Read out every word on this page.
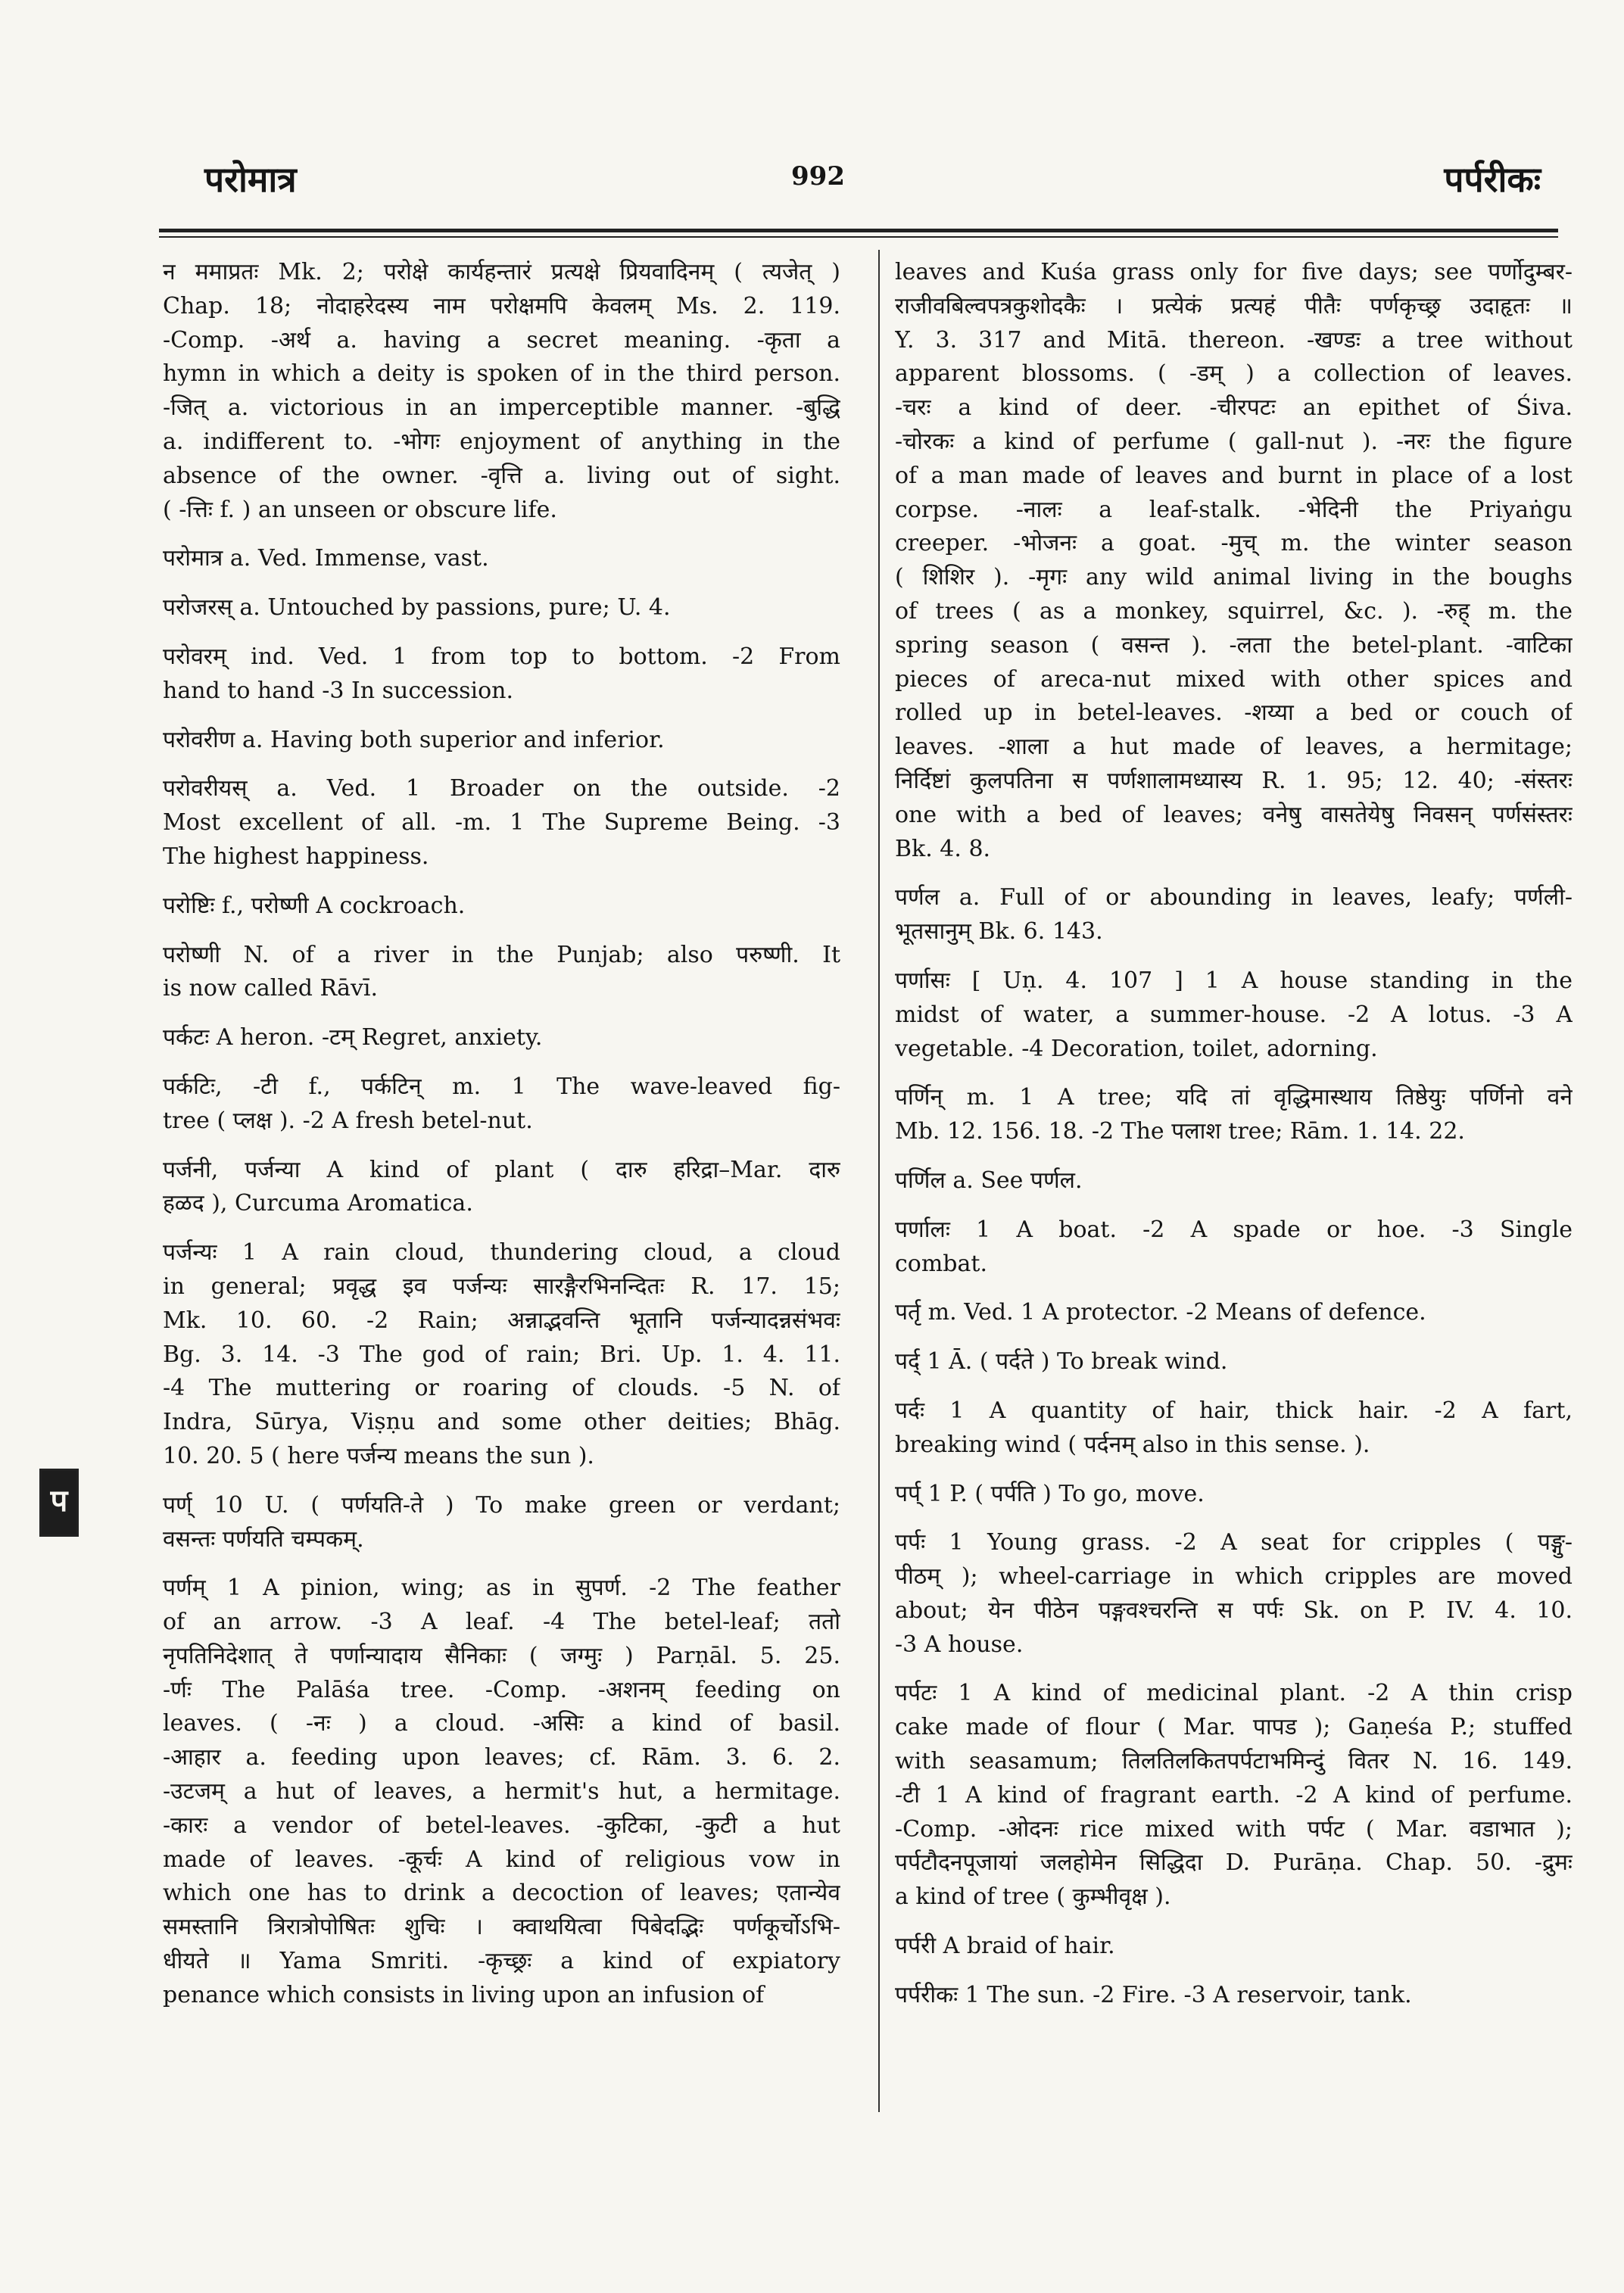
परोमात्र	992	पर्परीकः
प
न ममाप्रतः Mk. 2; परोक्षे कार्यहन्तारं प्रत्यक्षे प्रियवादिनम् ( त्यजेत् )
Chap. 18; नोदाहरेदस्य नाम परोक्षमपि केवलम् Ms. 2. 119.
-Comp. -अर्थ a. having a secret meaning. -कृता a
hymn in which a deity is spoken of in the third person.
-जित् a. victorious in an imperceptible manner. -बुद्धि
a. indifferent to. -भोगः enjoyment of anything in the
absence of the owner. -वृत्ति a. living out of sight.
( -त्तिः f. ) an unseen or obscure life.
परोमात्र a. Ved. Immense, vast.
परोजरस् a. Untouched by passions, pure; U. 4.
परोवरम् ind. Ved. 1 from top to bottom. -2 From
hand to hand -3 In succession.
परोवरीण a. Having both superior and inferior.
परोवरीयस् a. Ved. 1 Broader on the outside. -2
Most excellent of all. -m. 1 The Supreme Being. -3
The highest happiness.
परोष्टिः f., परोष्णी A cockroach.
परोष्णी N. of a river in the Punjab; also परुष्णी. It
is now called Rāvī.
पर्कटः A heron. -टम् Regret, anxiety.
पर्कटिः, -टी f., पर्कटिन् m. 1 The wave-leaved fig-
tree ( प्लक्ष ). -2 A fresh betel-nut.
पर्जनी, पर्जन्या A kind of plant ( दारु हरिद्रा–Mar. दारु
हळद ), Curcuma Aromatica.
पर्जन्यः 1 A rain cloud, thundering cloud, a cloud
in general; प्रवृद्ध इव पर्जन्यः सारङ्गैरभिनन्दितः R. 17. 15;
Mk. 10. 60. -2 Rain; अन्नाद्भवन्ति भूतानि पर्जन्यादन्नसंभवः
Bg. 3. 14. -3 The god of rain; Bri. Up. 1. 4. 11.
-4 The muttering or roaring of clouds. -5 N. of
Indra, Sūrya, Viṣṇu and some other deities; Bhāg.
10. 20. 5 ( here पर्जन्य means the sun ).
पर्ण् 10 U. ( पर्णयति-ते ) To make green or verdant;
वसन्तः पर्णयति चम्पकम्.
पर्णम् 1 A pinion, wing; as in सुपर्ण. -2 The feather
of an arrow. -3 A leaf. -4 The betel-leaf; ततो
नृपतिनिदेशात् ते पर्णान्यादाय सैनिकाः ( जग्मुः ) Parṇāl. 5. 25.
-र्णः The Palāśa tree. -Comp. -अशनम् feeding on
leaves. ( -नः ) a cloud. -असिः a kind of basil.
-आहार a. feeding upon leaves; cf. Rām. 3. 6. 2.
-उटजम् a hut of leaves, a hermit's hut, a hermitage.
-कारः a vendor of betel-leaves. -कुटिका, -कुटी a hut
made of leaves. -कूर्चः A kind of religious vow in
which one has to drink a decoction of leaves; एतान्येव
समस्तानि त्रिरात्रोपोषितः शुचिः । क्वाथयित्वा पिबेदद्भिः पर्णकूर्चोऽभि-
धीयते ॥ Yama Smriti. -कृच्छ्रः a kind of expiatory
penance which consists in living upon an infusion of
leaves and Kuśa grass only for five days; see पर्णोदुम्बर-
राजीवबिल्वपत्रकुशोदकैः । प्रत्येकं प्रत्यहं पीतैः पर्णकृच्छ्र उदाहृतः ॥
Y. 3. 317 and Mitā. thereon. -खण्डः a tree without
apparent blossoms. ( -डम् ) a collection of leaves.
-चरः a kind of deer. -चीरपटः an epithet of Śiva.
-चोरकः a kind of perfume ( gall-nut ). -नरः the figure
of a man made of leaves and burnt in place of a lost
corpse. -नालः a leaf-stalk. -भेदिनी the Priyaṅgu
creeper. -भोजनः a goat. -मुच् m. the winter season
( शिशिर ). -मृगः any wild animal living in the boughs
of trees ( as a monkey, squirrel, &c. ). -रुह् m. the
spring season ( वसन्त ). -लता the betel-plant. -वाटिका
pieces of areca-nut mixed with other spices and
rolled up in betel-leaves. -शय्या a bed or couch of
leaves. -शाला a hut made of leaves, a hermitage;
निर्दिष्टां कुलपतिना स पर्णशालामध्यास्य R. 1. 95; 12. 40; -संस्तरः
one with a bed of leaves; वनेषु वासतेयेषु निवसन् पर्णसंस्तरः
Bk. 4. 8.
पर्णल a. Full of or abounding in leaves, leafy; पर्णली-
भूतसानुम् Bk. 6. 143.
पर्णासः [ Uṇ. 4. 107 ] 1 A house standing in the
midst of water, a summer-house. -2 A lotus. -3 A
vegetable. -4 Decoration, toilet, adorning.
पर्णिन् m. 1 A tree; यदि तां वृद्धिमास्थाय तिष्ठेयुः पर्णिनो वने
Mb. 12. 156. 18. -2 The पलाश tree; Rām. 1. 14. 22.
पर्णिल a. See पर्णल.
पर्णालः 1 A boat. -2 A spade or hoe. -3 Single
combat.
पर्तृ m. Ved. 1 A protector. -2 Means of defence.
पर्द् 1 Ā. ( पर्दते ) To break wind.
पर्दः 1 A quantity of hair, thick hair. -2 A fart,
breaking wind ( पर्दनम् also in this sense. ).
पर्प् 1 P. ( पर्पति ) To go, move.
पर्पः 1 Young grass. -2 A seat for cripples ( पङ्गु-
पीठम् ); wheel-carriage in which cripples are moved
about; येन पीठेन पङ्गवश्चरन्ति स पर्पः Sk. on P. IV. 4. 10.
-3 A house.
पर्पटः 1 A kind of medicinal plant. -2 A thin crisp
cake made of flour ( Mar. पापड ); Gaṇeśa P.; stuffed
with seasamum; तिलतिलकितपर्पटाभमिन्दुं वितर N. 16. 149.
-टी 1 A kind of fragrant earth. -2 A kind of perfume.
-Comp. -ओदनः rice mixed with पर्पट ( Mar. वडाभात );
पर्पटौदनपूजायां जलहोमेन सिद्धिदा D. Purāṇa. Chap. 50. -द्रुमः
a kind of tree ( कुम्भीवृक्ष ).
पर्परी A braid of hair.
पर्परीकः 1 The sun. -2 Fire. -3 A reservoir, tank.
